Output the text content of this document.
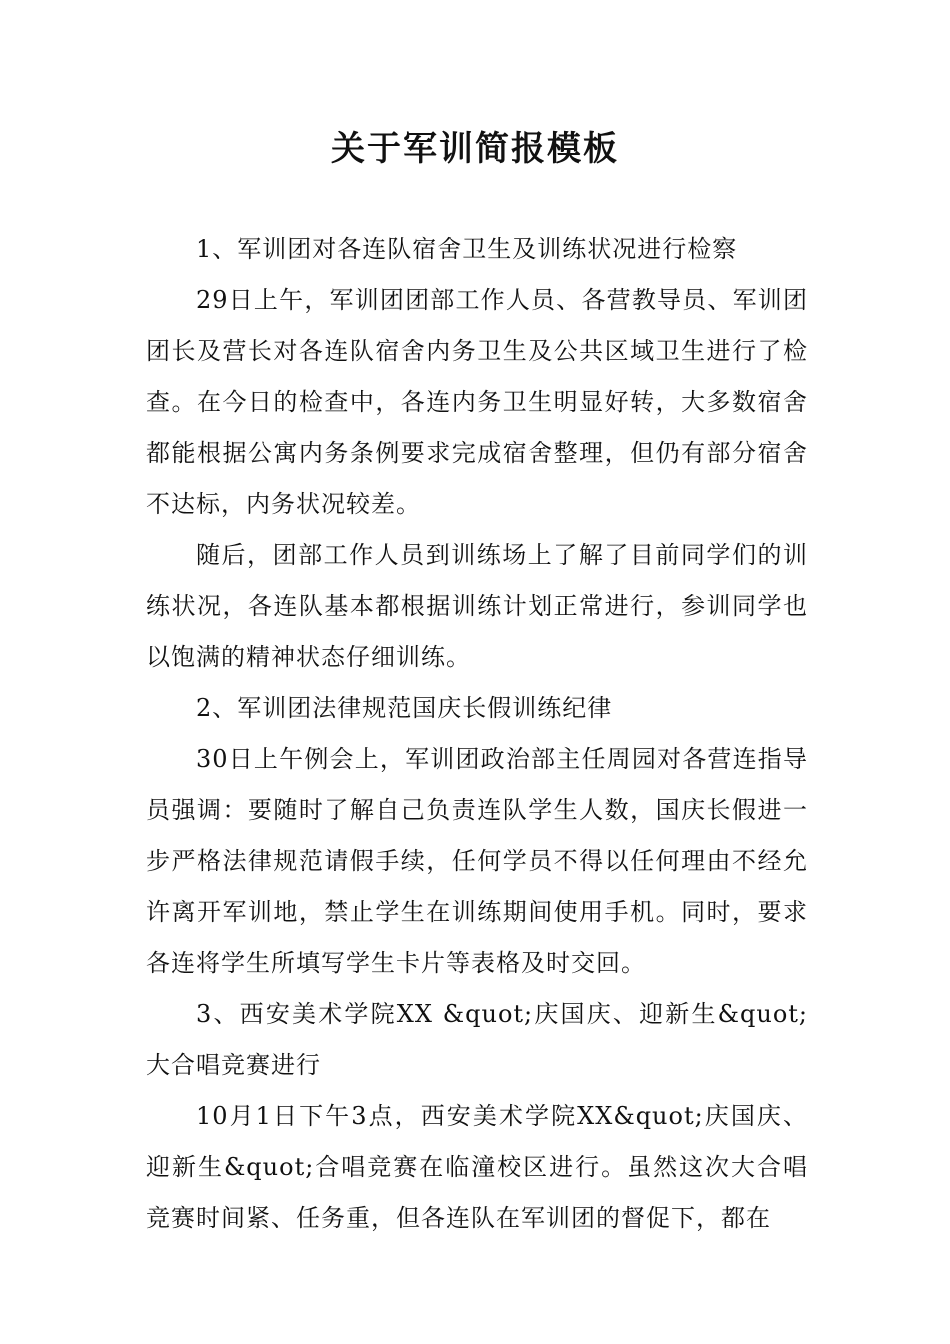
关于军训简报模板

1、军训团对各连队宿舍卫生及训练状况进行检察

29日上午，军训团团部工作人员、各营教导员、军训团团长及营长对各连队宿舍内务卫生及公共区域卫生进行了检查。在今日的检查中，各连内务卫生明显好转，大多数宿舍都能根据公寓内务条例要求完成宿舍整理，但仍有部分宿舍不达标，内务状况较差。

随后，团部工作人员到训练场上了解了目前同学们的训练状况，各连队基本都根据训练计划正常进行，参训同学也以饱满的精神状态仔细训练。

2、军训团法律规范国庆长假训练纪律

30日上午例会上，军训团政治部主任周园对各营连指导员强调：要随时了解自己负责连队学生人数，国庆长假进一步严格法律规范请假手续，任何学员不得以任何理由不经允许离开军训地，禁止学生在训练期间使用手机。同时，要求各连将学生所填写学生卡片等表格及时交回。

3、西安美术学院XX &quot;庆国庆、迎新生&quot;大合唱竞赛进行

10月1日下午3点，西安美术学院XX&quot;庆国庆、迎新生&quot;合唱竞赛在临潼校区进行。虽然这次大合唱竞赛时间紧、任务重，但各连队在军训团的督促下，都在
